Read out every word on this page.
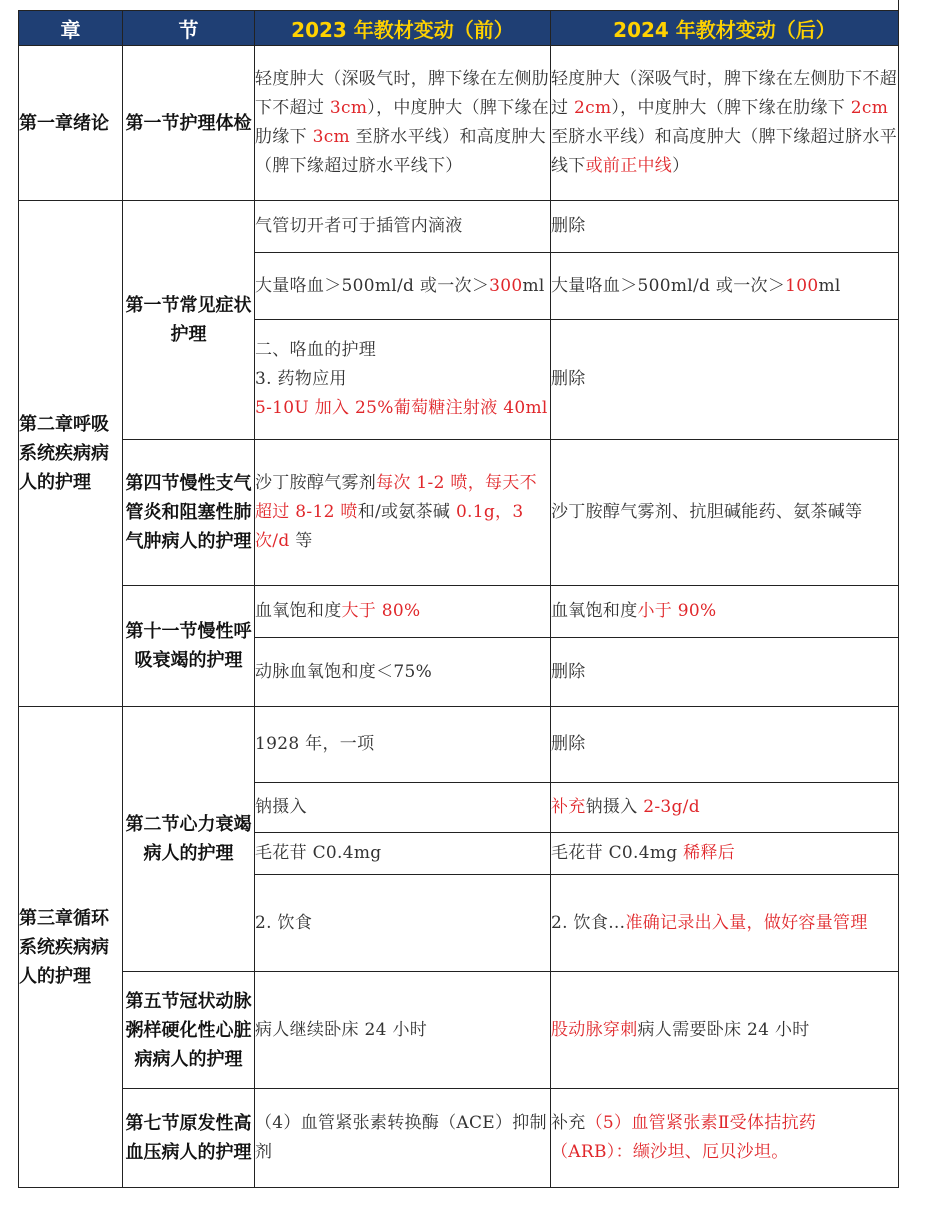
章	节	2023 年教材变动（前）	2024 年教材变动（后）
第一章绪论	第一节护理体检	轻度肿大（深吸气时，脾下缘在左侧肋下不超过 3cm），中度肿大（脾下缘在肋缘下 3cm 至脐水平线）和高度肿大（脾下缘超过脐水平线下）	轻度肿大（深吸气时，脾下缘在左侧肋下不超过 2cm），中度肿大（脾下缘在肋缘下 2cm 至脐水平线）和高度肿大（脾下缘超过脐水平线下或前正中线）
第二章呼吸系统疾病病人的护理	第一节常见症状护理	气管切开者可于插管内滴液	删除
		大量咯血＞500ml/d 或一次＞300ml	大量咯血＞500ml/d 或一次＞100ml

		二、咯血的护理
3. 药物应用
5-10U 加入 25%葡萄糖注射液 40ml	删除
	第四节慢性支气管炎和阻塞性肺气肿病人的护理	沙丁胺醇气雾剂每次 1-2 喷，每天不超过 8-12 喷和/或氨茶碱 0.1g，3 次/d 等	沙丁胺醇气雾剂、抗胆碱能药、氨茶碱等
	第十一节慢性呼吸衰竭的护理	血氧饱和度大于 80%	血氧饱和度小于 90%
		动脉血氧饱和度＜75%	删除
第三章循环系统疾病病人的护理	第二节心力衰竭病人的护理	1928 年，一项	删除
		钠摄入	补充钠摄入 2-3g/d
		毛花苷 C0.4mg	毛花苷 C0.4mg 稀释后
		2. 饮食	2. 饮食…准确记录出入量，做好容量管理
	第五节冠状动脉粥样硬化性心脏病病人的护理	病人继续卧床 24 小时	股动脉穿刺病人需要卧床 24 小时
	第七节原发性高血压病人的护理	（4）血管紧张素转换酶（ACE）抑制剂	补充（5）血管紧张素Ⅱ受体拮抗药（ARB）：缬沙坦、厄贝沙坦。
